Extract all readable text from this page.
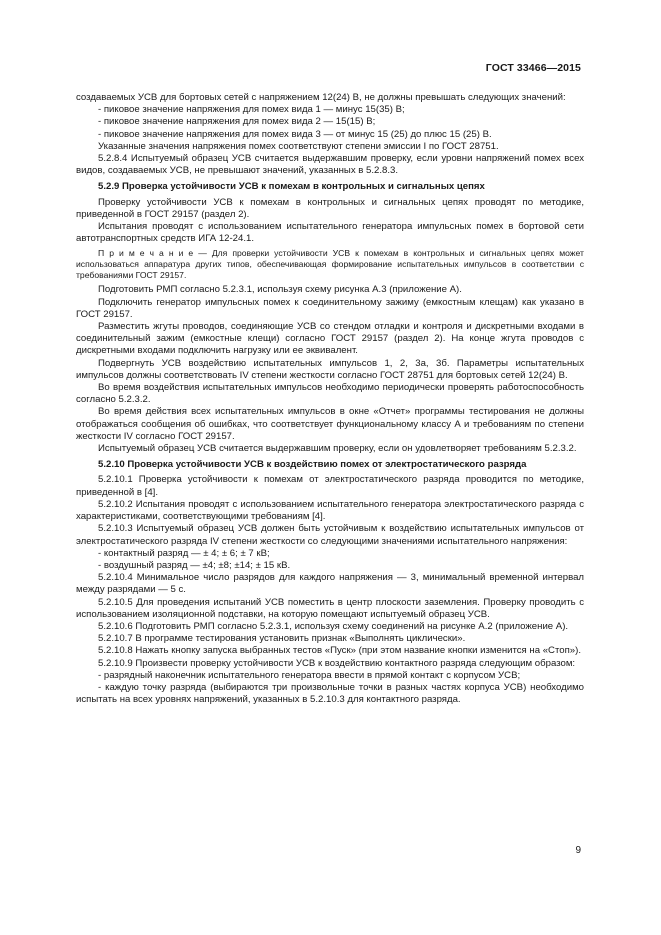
ГОСТ 33466—2015

создаваемых УСВ для бортовых сетей с напряжением 12(24) В, не должны превышать следующих значений:

- пиковое значение напряжения для помех вида 1 — минус 15(35) В;

- пиковое значение напряжения для помех вида 2 — 15(15) В;

- пиковое значение напряжения для помех вида 3 — от минус 15 (25) до плюс 15 (25) В.

Указанные значения напряжения помех соответствуют степени эмиссии I по ГОСТ 28751.

5.2.8.4 Испытуемый образец УСВ считается выдержавшим проверку, если уровни напряжений помех всех видов, создаваемых УСВ, не превышают значений, указанных в 5.2.8.3.

5.2.9 Проверка устойчивости УСВ к помехам в контрольных и сигнальных цепях

Проверку устойчивости УСВ к помехам в контрольных и сигнальных цепях проводят по методике, приведенной в ГОСТ 29157 (раздел 2).

Испытания проводят с использованием испытательного генератора импульсных помех в бортовой сети автотранспортных средств ИГА 12-24.1.

П р и м е ч а н и е — Для проверки устойчивости УСВ к помехам в контрольных и сигнальных цепях может использоваться аппаратура других типов, обеспечивающая формирование испытательных импульсов в соответствии с требованиями ГОСТ 29157.

Подготовить РМП согласно 5.2.3.1, используя схему рисунка А.3 (приложение А).

Подключить генератор импульсных помех к соединительному зажиму (емкостным клещам) как указано в ГОСТ 29157.

Разместить жгуты проводов, соединяющие УСВ со стендом отладки и контроля и дискретными входами в соединительный зажим (емкостные клещи) согласно ГОСТ 29157 (раздел 2). На конце жгута проводов с дискретными входами подключить нагрузку или ее эквивалент.

Подвергнуть УСВ воздействию испытательных импульсов 1, 2, 3а, 3б. Параметры испытательных импульсов должны соответствовать IV степени жесткости согласно ГОСТ 28751 для бортовых сетей 12(24) В.

Во время воздействия испытательных импульсов необходимо периодически проверять работоспособность согласно 5.2.3.2.

Во время действия всех испытательных импульсов в окне «Отчет» программы тестирования не должны отображаться сообщения об ошибках, что соответствует функциональному классу А и требованиям по степени жесткости IV согласно ГОСТ 29157.

Испытуемый образец УСВ считается выдержавшим проверку, если он удовлетворяет требованиям 5.2.3.2.

5.2.10 Проверка устойчивости УСВ к воздействию помех от электростатического разряда

5.2.10.1 Проверка устойчивости к помехам от электростатического разряда проводится по методике, приведенной в [4].

5.2.10.2 Испытания проводят с использованием испытательного генератора электростатического разряда с характеристиками, соответствующими требованиям [4].

5.2.10.3 Испытуемый образец УСВ должен быть устойчивым к воздействию испытательных импульсов от электростатического разряда IV степени жесткости со следующими значениями испытательного напряжения:

- контактный разряд — ± 4; ± 6; ± 7 кВ;

- воздушный разряд — ±4; ±8; ±14; ± 15 кВ.

5.2.10.4 Минимальное число разрядов для каждого напряжения — 3, минимальный временной интервал между разрядами — 5 с.

5.2.10.5 Для проведения испытаний УСВ поместить в центр плоскости заземления. Проверку проводить с использованием изоляционной подставки, на которую помещают испытуемый образец УСВ.

5.2.10.6 Подготовить РМП согласно 5.2.3.1, используя схему соединений на рисунке А.2 (приложение А).

5.2.10.7 В программе тестирования установить признак «Выполнять циклически».

5.2.10.8 Нажать кнопку запуска выбранных тестов «Пуск» (при этом название кнопки изменится на «Стоп»).

5.2.10.9 Произвести проверку устойчивости УСВ к воздействию контактного разряда следующим образом:

- разрядный наконечник испытательного генератора ввести в прямой контакт с корпусом УСВ;

- каждую точку разряда (выбираются три произвольные точки в разных частях корпуса УСВ) необходимо испытать на всех уровнях напряжений, указанных в 5.2.10.3 для контактного разряда.

9
